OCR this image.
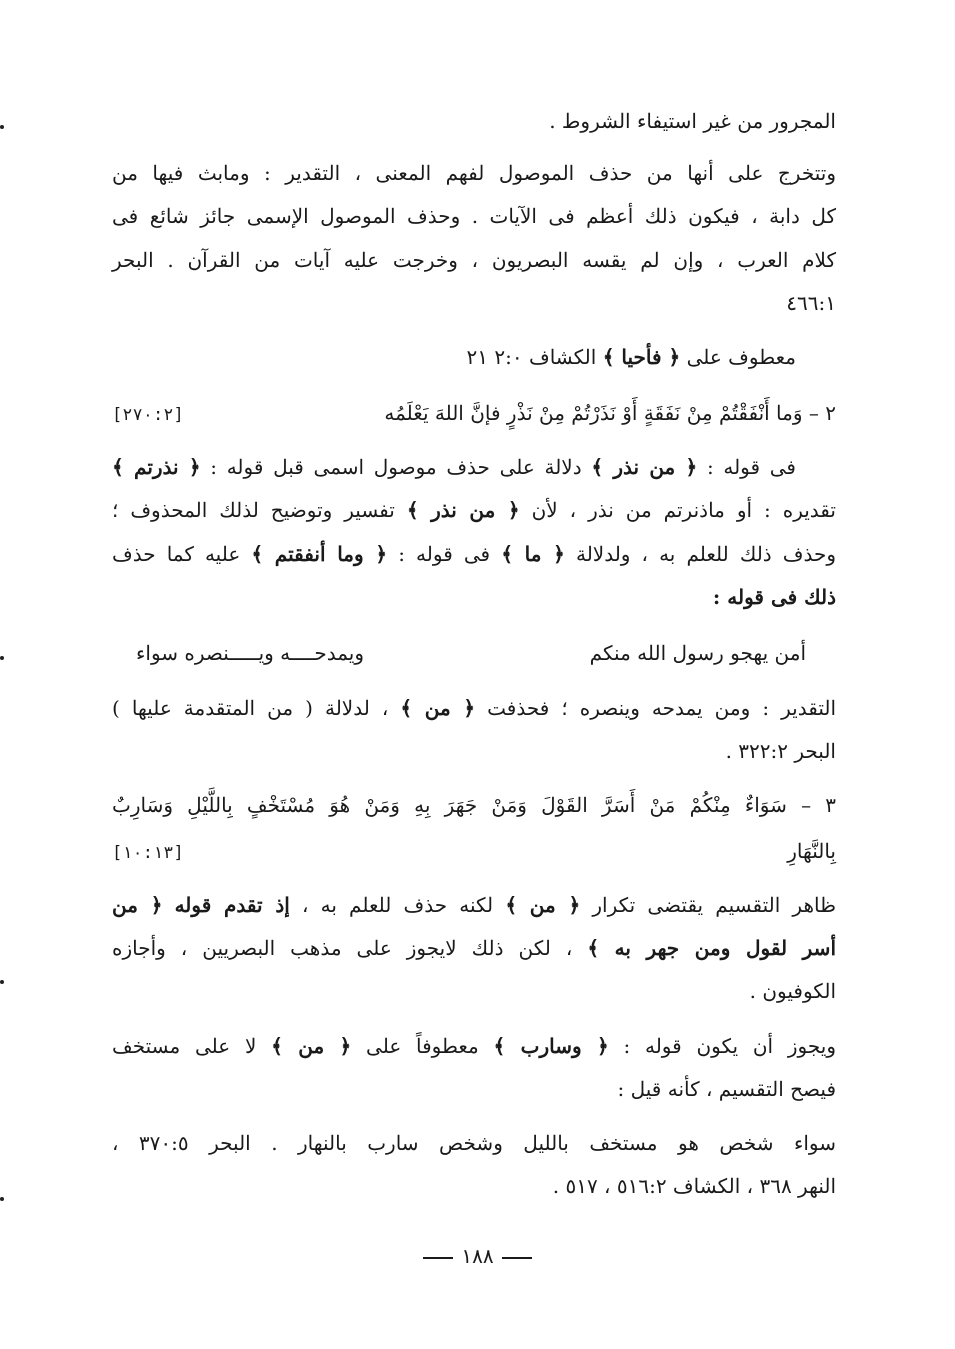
المجرور من غير استيفاء الشروط .
وتتخرج على أنها من حذف الموصول لفهم المعنى ، التقدير : ومابث فيها من
كل دابة ، فيكون ذلك أعظم فى الآيات . وحذف الموصول الإسمى جائز شائع فى
كلام العرب ، وإن لم يقسه البصريون ، وخرجت عليه آيات من القرآن . البحر
٤٦٦:١
معطوف على ﴿ فأحيا ﴾ الكشاف ٢:٠ ٢١
٢ – وَما أَنْفَقْتُمْ مِنْ نَفَقَةٍ أَوْ نَذَرْتُمْ مِنْ نَذْرٍ فإنَّ اللهَ يَعْلَمُه
[٢٧٠:٢]
فى قوله : ﴿ من نذر ﴾ دلالة على حذف موصول اسمى قبل قوله : ﴿ نذرتم ﴾
تقديره : أو ماذنرتم من نذر ، لأن ﴿ من نذر ﴾ تفسير وتوضيح لذلك المحذوف ؛
وحذف ذلك للعلم به ، ولدلالة ﴿ ما ﴾ فى قوله : ﴿ وما أنفقتم ﴾ عليه كما حذف
ذلك فى قوله :
أمن يهجو رسول الله منكم
ويمدحــــه ويـــــنصره سواء
التقدير : ومن يمدحه وينصره ؛ فحذفت ﴿ من ﴾ ، لدلالة ( من المتقدمة عليها )
البحر ٣٢٢:٢ .
٣ – سَوَاءٌ مِنْكُمْ مَنْ أَسَرَّ القَوْلَ وَمَنْ جَهَرَ بِهِ وَمَنْ هُوَ مُسْتَخْفٍ بِاللَّيْلِ وَسَارِبٌ
بِالنَّهَارِ
[١٠:١٣]
ظاهر التقسيم يقتضى تكرار ﴿ من ﴾ لكنه حذف للعلم به ، إذ تقدم قوله ﴿ من
أسر لقول ومن جهر به ﴾ ، لكن ذلك لايجوز على مذهب البصريين ، وأجازه
الكوفيون .
ويجوز أن يكون قوله : ﴿ وسارب ﴾ معطوفاً على ﴿ من ﴾ لا على مستخف
فيصح التقسيم ، كأنه قيل :
سواء شخص هو مستخف بالليل وشخص سارب بالنهار . البحر ٣٧٠:٥ ،
النهر ٣٦٨ ، الكشاف ٥١٦:٢ ، ٥١٧ .
١٨٨
